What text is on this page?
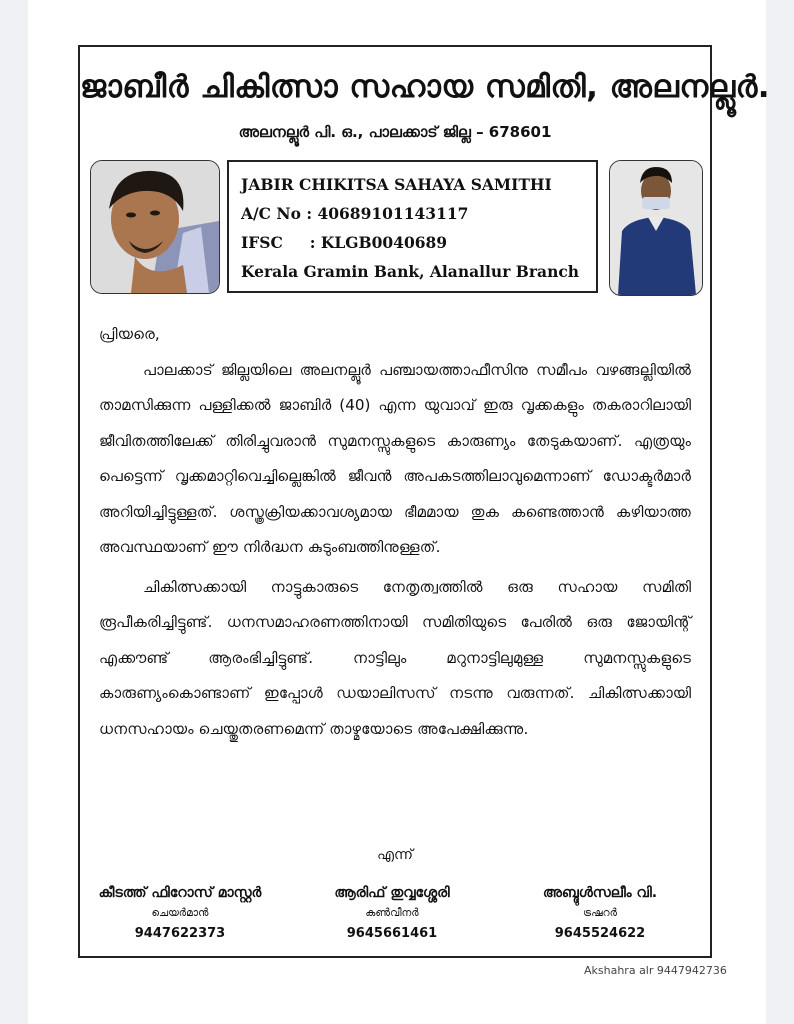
ജാബീർ ചികിത്സാ സഹായ സമിതി, അലനല്ലൂർ.
അലനല്ലൂർ പി. ഒ., പാലക്കാട് ജില്ല – 678601
JABIR CHIKITSA SAHAYA SAMITHI
A/C No : 40689101143117
IFSC     : KLGB0040689
Kerala Gramin Bank, Alanallur Branch

പ്രിയരെ,

പാലക്കാട് ജില്ലയിലെ അലനല്ലൂർ പഞ്ചായത്താഫീസിനു സമീപം വഴങ്ങല്ലിയിൽ താമസിക്കുന്ന പള്ളിക്കൽ ജാബിർ (40) എന്ന യുവാവ് ഇരു വൃക്കകളും തകരാറിലായി ജീവിതത്തിലേക്ക് തിരിച്ചുവരാൻ സുമനസ്സുകളുടെ കാരുണ്യം തേടുകയാണ്. എത്രയും പെട്ടെന്ന് വൃക്കമാറ്റിവെച്ചില്ലെങ്കിൽ ജീവൻ അപകടത്തിലാവുമെന്നാണ് ഡോക്ടർമാർ അറിയിച്ചിട്ടുള്ളത്. ശസ്ത്രക്രിയക്കാവശ്യമായ ഭീമമായ തുക കണ്ടെത്താൻ കഴിയാത്ത അവസ്ഥയാണ് ഈ നിർദ്ധന കുടുംബത്തിനുള്ളത്.

ചികിത്സക്കായി നാട്ടുകാരുടെ നേതൃത്വത്തിൽ ഒരു സഹായ സമിതി രൂപീകരിച്ചിട്ടുണ്ട്. ധനസമാഹരണത്തിനായി സമിതിയുടെ പേരിൽ ഒരു ജോയിന്റ് എക്കൗണ്ട് ആരംഭിച്ചിട്ടുണ്ട്. നാട്ടിലും മറുനാട്ടിലുമുള്ള സുമനസ്സുകളുടെ കാരുണ്യംകൊണ്ടാണ് ഇപ്പോൾ ഡയാലിസസ് നടന്നു വരുന്നത്. ചികിത്സക്കായി ധനസഹായം ചെയ്തുതരണമെന്ന് താഴ്മയോടെ അപേക്ഷിക്കുന്നു.

എന്ന്
കീടത്ത് ഫിറോസ് മാസ്റ്റർ
ചെയർമാൻ
9447622373
ആരിഫ് തുവ്വശ്ശേരി
കൺവീനർ
9645661461
അബ്ദുൾസലീം വി.
ട്രഷറർ
9645524622
Akshahra alr 9447942736
